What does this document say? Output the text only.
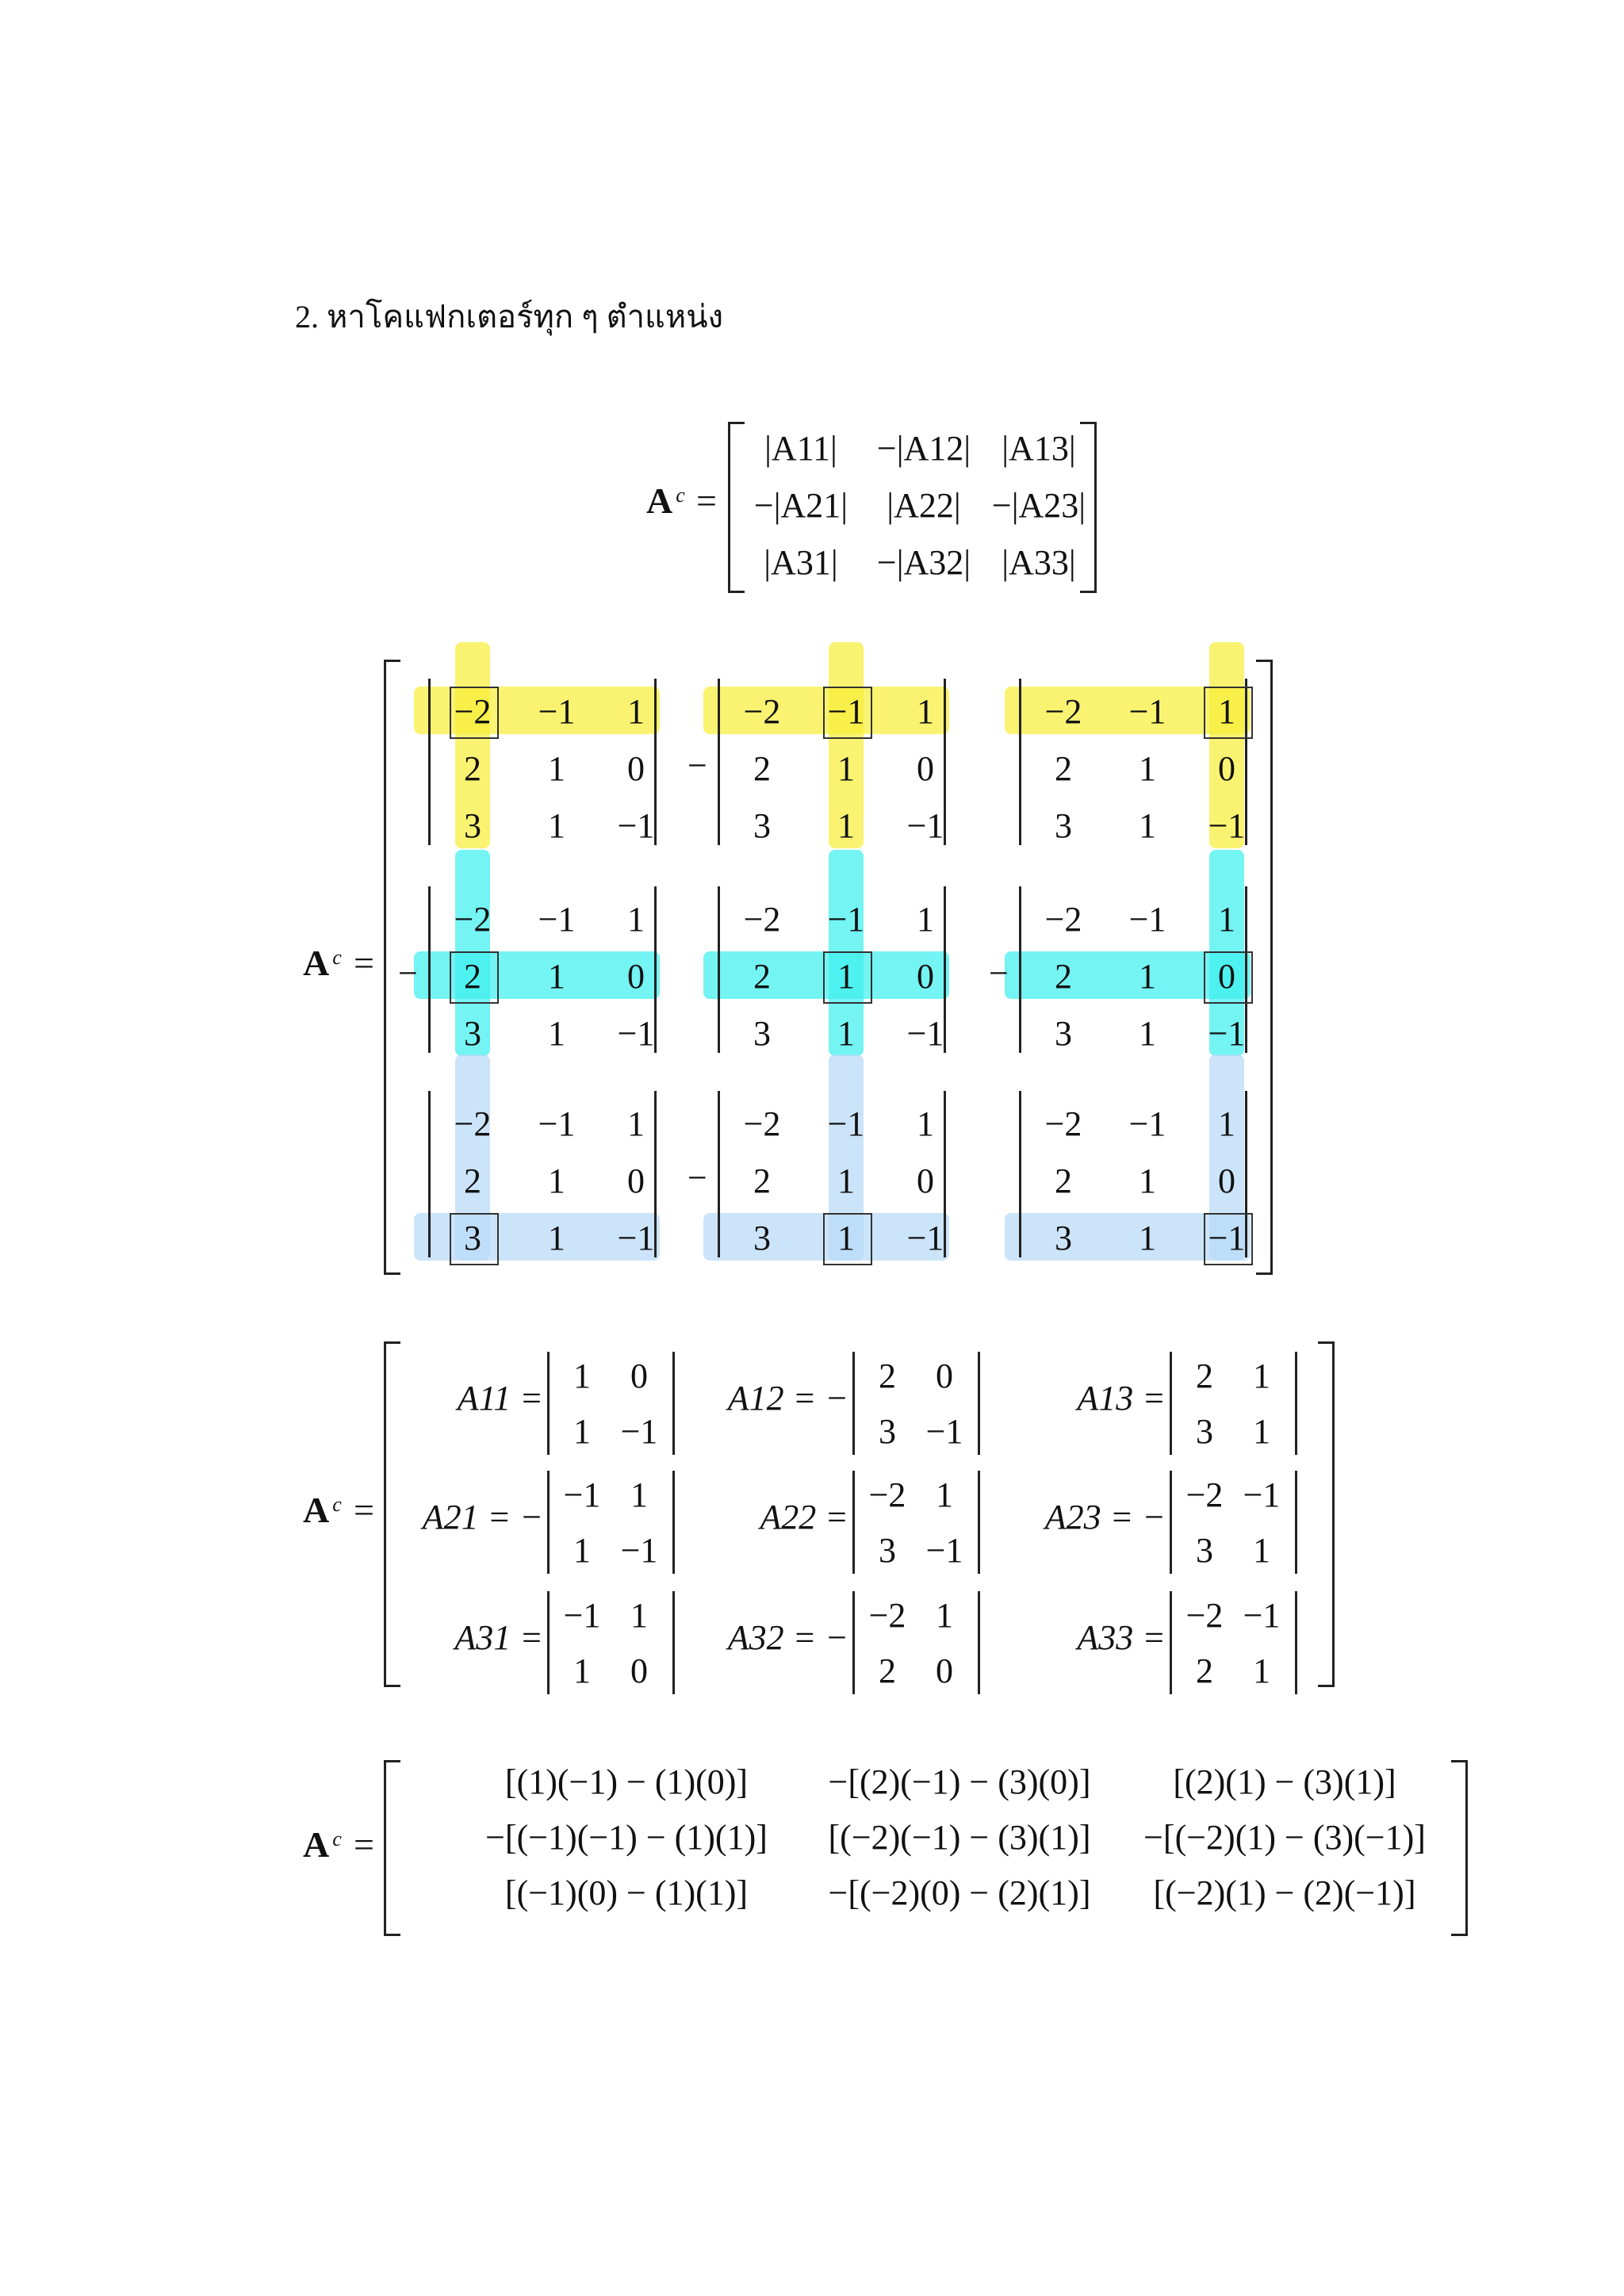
2. หาโคแฟกเตอร์ทุก ๆ ตำแหน่ง
A $^c$ =
A $^c$ =
A $^c$ =
A $^c$ =
|A11|	−|A12| |A13|
−|A21|	|A22| −|A23|
|A31|	−|A32| |A33|
−2	−1	1
2	1	0
3	1	−1
−2	−1	1
2	1	0
3	1	−1
−
−2	−1	1
2	1	0
3	1	−1
−2	−1	1
2	1	0
3	1	−1
−
−2	−1	1
2	1	0
3	1	−1
−2	−1	1
2	1	0
3	1	−1
−
−2	−1	1
2	1	0
3	1	−1
−2	−1	1
2	1	0
3	1	−1
−
−2	−1	1
2	1	0
3	1	−1
A11 =
1	0
1 −1
A12 = −
2	0
3 −1
A13 =
2	1
3	1
A21 = −
−1 1
1 −1
A22 =
−2 1
3 −1
A23 = −
−2 −1
3	1
A31 =
−1 1
1	0
A32 = −
−2 1
2	0
A33 =
−2 −1
2	1
[(1)(−1) − (1)(0)]	−[(2)(−1) − (3)(0)]	[(2)(1) − (3)(1)]
−[(−1)(−1) − (1)(1)]	[(−2)(−1) − (3)(1)]	−[(−2)(1) − (3)(−1)]
[(−1)(0) − (1)(1)]	−[(−2)(0) − (2)(1)]	[(−2)(1) − (2)(−1)]
